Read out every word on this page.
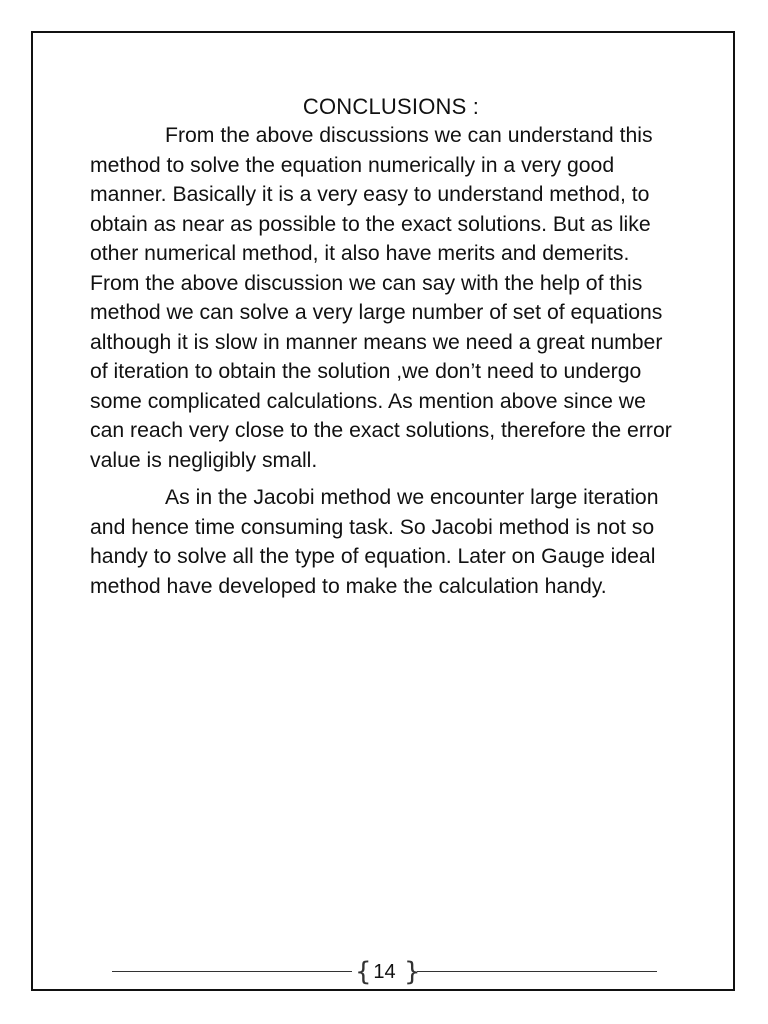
CONCLUSIONS :

From the above discussions we can understand this method to solve the equation numerically in a very good manner. Basically it is a very easy to understand method, to obtain as near as possible to the exact solutions. But as like other numerical method, it also have merits and demerits. From the above discussion we can say with the help of this method we can solve a very large number of set of equations although it is slow in manner means we need a great number of iteration to obtain the solution ,we don’t need to undergo some complicated calculations. As mention above since we can reach very close to the exact solutions, therefore the error value is negligibly small.

As in the Jacobi method we encounter large iteration and hence time consuming task. So Jacobi method is not so handy to solve all the type of equation. Later on Gauge ideal method have developed to make the calculation handy.

{ 14 }
